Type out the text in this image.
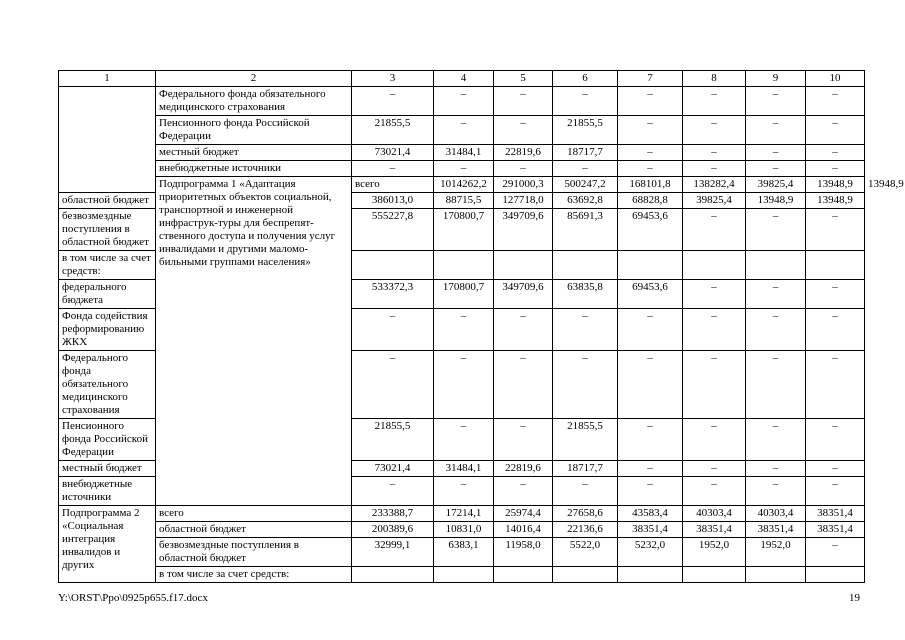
1	2	3	4	5	6	7	8	9	10	
	Федерального фонда обязательного медицинского страхования	–	–	–	–	–	–	–	–	
	Пенсионного фонда Российской Федерации	21855,5	–	–	21855,5	–	–	–	–	
	местный бюджет	73021,4	31484,1	22819,6	18717,7	–	–	–	–	
	внебюджетные источники	–	–	–	–	–	–	–	–	
	Подпрограмма 1 «Адаптация приоритетных объектов социальной, транспортной и инженерной инфраструк-туры для беспрепят-ственного доступа и получения услуг инвалидами и другими маломо-бильными группами населения»	всего	1014262,2	291000,3	500247,2	168101,8	138282,4	39825,4	13948,9	13948,9
областной бюджет		386013,0	88715,5	127718,0	63692,8	68828,8	39825,4	13948,9	13948,9	
безвозмездные поступления в областной бюджет		555227,8	170800,7	349709,6	85691,3	69453,6	–	–	–	
в том числе за счет средств:										
федерального бюджета		533372,3	170800,7	349709,6	63835,8	69453,6	–	–	–	
Фонда содействия реформированию ЖКХ		–	–	–	–	–	–	–	–	
Федерального фонда обязательного медицинского страхования		–	–	–	–	–	–	–	–	
Пенсионного фонда Российской Федерации		21855,5	–	–	21855,5	–	–	–	–	
местный бюджет		73021,4	31484,1	22819,6	18717,7	–	–	–	–	
внебюджетные источники		–	–	–	–	–	–	–	–	
Подпрограмма 2 «Социальная интеграция инвалидов и других	всего	233388,7	17214,1	25974,4	27658,6	43583,4	40303,4	40303,4	38351,4	
	областной бюджет	200389,6	10831,0	14016,4	22136,6	38351,4	38351,4	38351,4	38351,4	
	безвозмездные поступления в областной бюджет	32999,1	6383,1	11958,0	5522,0	5232,0	1952,0	1952,0	–	
	в том числе за счет средств:									
Y:\ORST\Ppo\0925p655.f17.docx	19
